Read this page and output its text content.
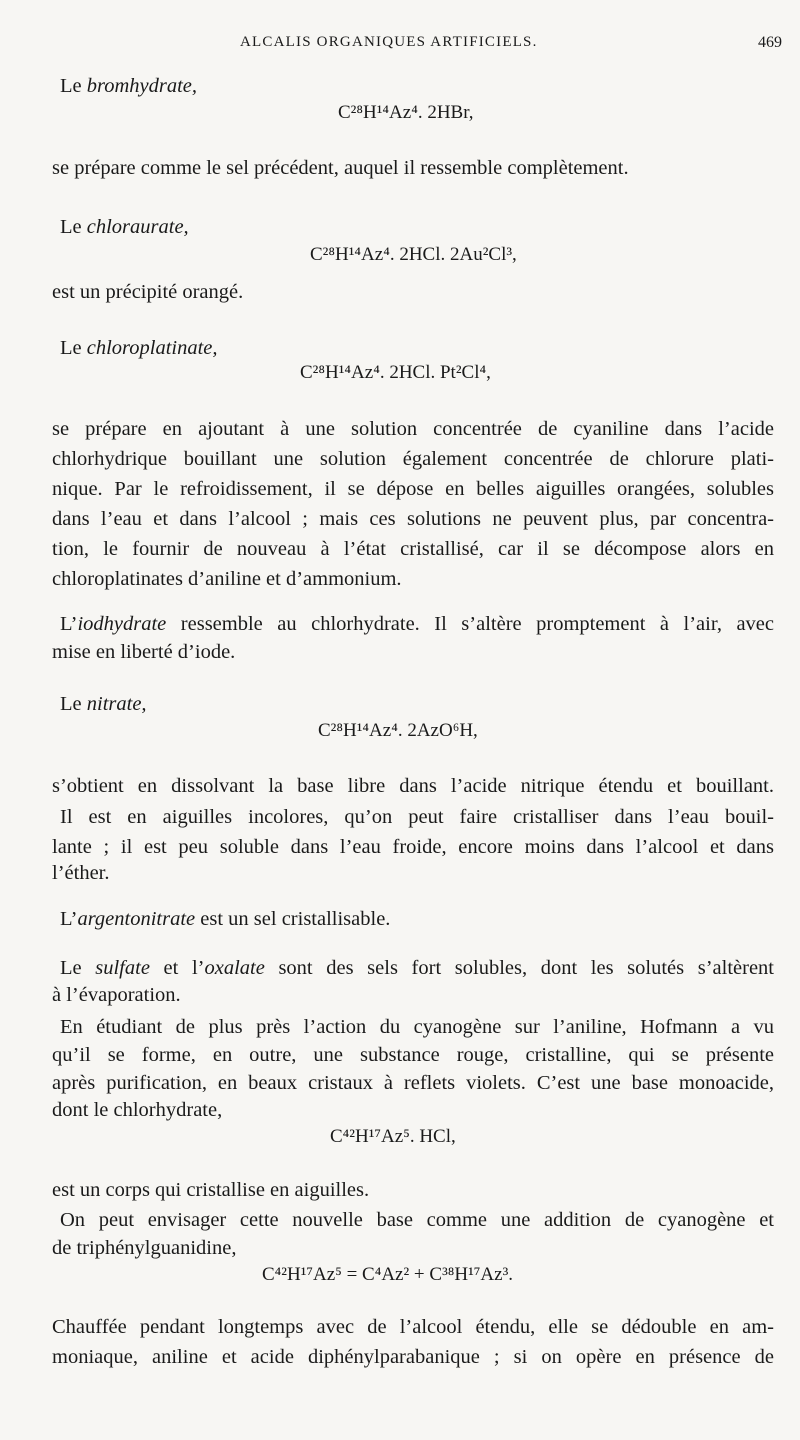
ALCALIS ORGANIQUES ARTIFICIELS.	469
Le bromhydrate,
C²⁸H¹⁴Az⁴. 2HBr,
se prépare comme le sel précédent, auquel il ressemble complètement.
Le chloraurate,
C²⁸H¹⁴Az⁴. 2HCl. 2Au²Cl³,
est un précipité orangé.
Le chloroplatinate,
C²⁸H¹⁴Az⁴. 2HCl. Pt²Cl⁴,
se prépare en ajoutant à une solution concentrée de cyaniline dans l’acide
chlorhydrique bouillant une solution également concentrée de chlorure plati-
nique. Par le refroidissement, il se dépose en belles aiguilles orangées, solubles
dans l’eau et dans l’alcool ; mais ces solutions ne peuvent plus, par concentra-
tion, le fournir de nouveau à l’état cristallisé, car il se décompose alors en
chloroplatinates d’aniline et d’ammonium.
L’iodhydrate ressemble au chlorhydrate. Il s’altère promptement à l’air, avec
mise en liberté d’iode.
Le nitrate,
C²⁸H¹⁴Az⁴. 2AzO⁶H,
s’obtient en dissolvant la base libre dans l’acide nitrique étendu et bouillant.
Il est en aiguilles incolores, qu’on peut faire cristalliser dans l’eau bouil-
lante ; il est peu soluble dans l’eau froide, encore moins dans l’alcool et dans
l’éther.
L’argentonitrate est un sel cristallisable.
Le sulfate et l’oxalate sont des sels fort solubles, dont les solutés s’altèrent
à l’évaporation.
En étudiant de plus près l’action du cyanogène sur l’aniline, Hofmann a vu
qu’il se forme, en outre, une substance rouge, cristalline, qui se présente
après purification, en beaux cristaux à reflets violets. C’est une base monoacide,
dont le chlorhydrate,
C⁴²H¹⁷Az⁵. HCl,
est un corps qui cristallise en aiguilles.
On peut envisager cette nouvelle base comme une addition de cyanogène et
de triphénylguanidine,
C⁴²H¹⁷Az⁵ = C⁴Az² + C³⁸H¹⁷Az³.
Chauffée pendant longtemps avec de l’alcool étendu, elle se dédouble en am-
moniaque, aniline et acide diphénylparabanique ; si on opère en présence de
